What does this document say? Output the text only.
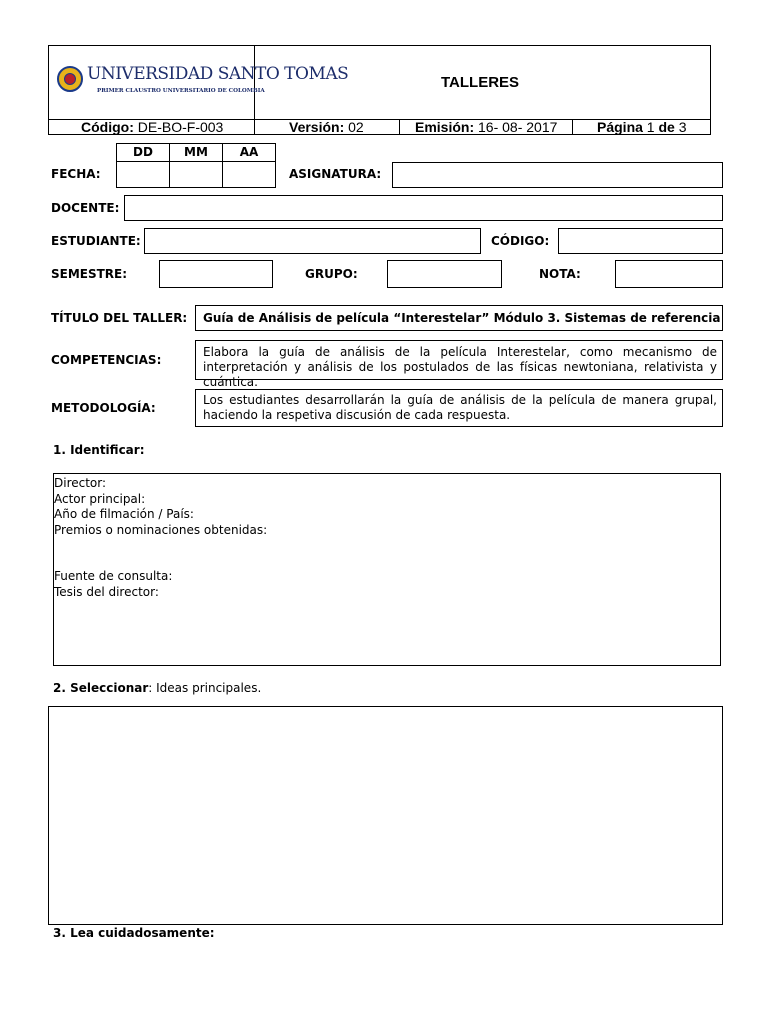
UNIVERSIDAD SANTO TOMAS
PRIMER CLAUSTRO UNIVERSITARIO DE COLOMBIA	TALLERES
Código: DE-BO-F-003	Versión: 02	Emisión: 16- 08- 2017	Página 1 de 3
DD	MM	AA
FECHA:	ASIGNATURA:
DOCENTE:
ESTUDIANTE:	CÓDIGO:
SEMESTRE:	GRUPO:	NOTA:
TÍTULO DEL TALLER: Guía de Análisis de película “Interestelar” Módulo 3. Sistemas de referencia
COMPETENCIAS:
Elabora la guía de análisis de la película Interestelar, como mecanismo de interpretación y análisis de los postulados de las físicas newtoniana, relativista y cuántica.
METODOLOGÍA:
Los estudiantes desarrollarán la guía de análisis de la película de manera grupal, haciendo la respetiva discusión de cada respuesta.
1. Identificar:
Director:
Actor principal:
Año de filmación / País:
Premios o nominaciones obtenidas:
Fuente de consulta:
Tesis del director:
2. Seleccionar: Ideas principales.
3. Lea cuidadosamente:
